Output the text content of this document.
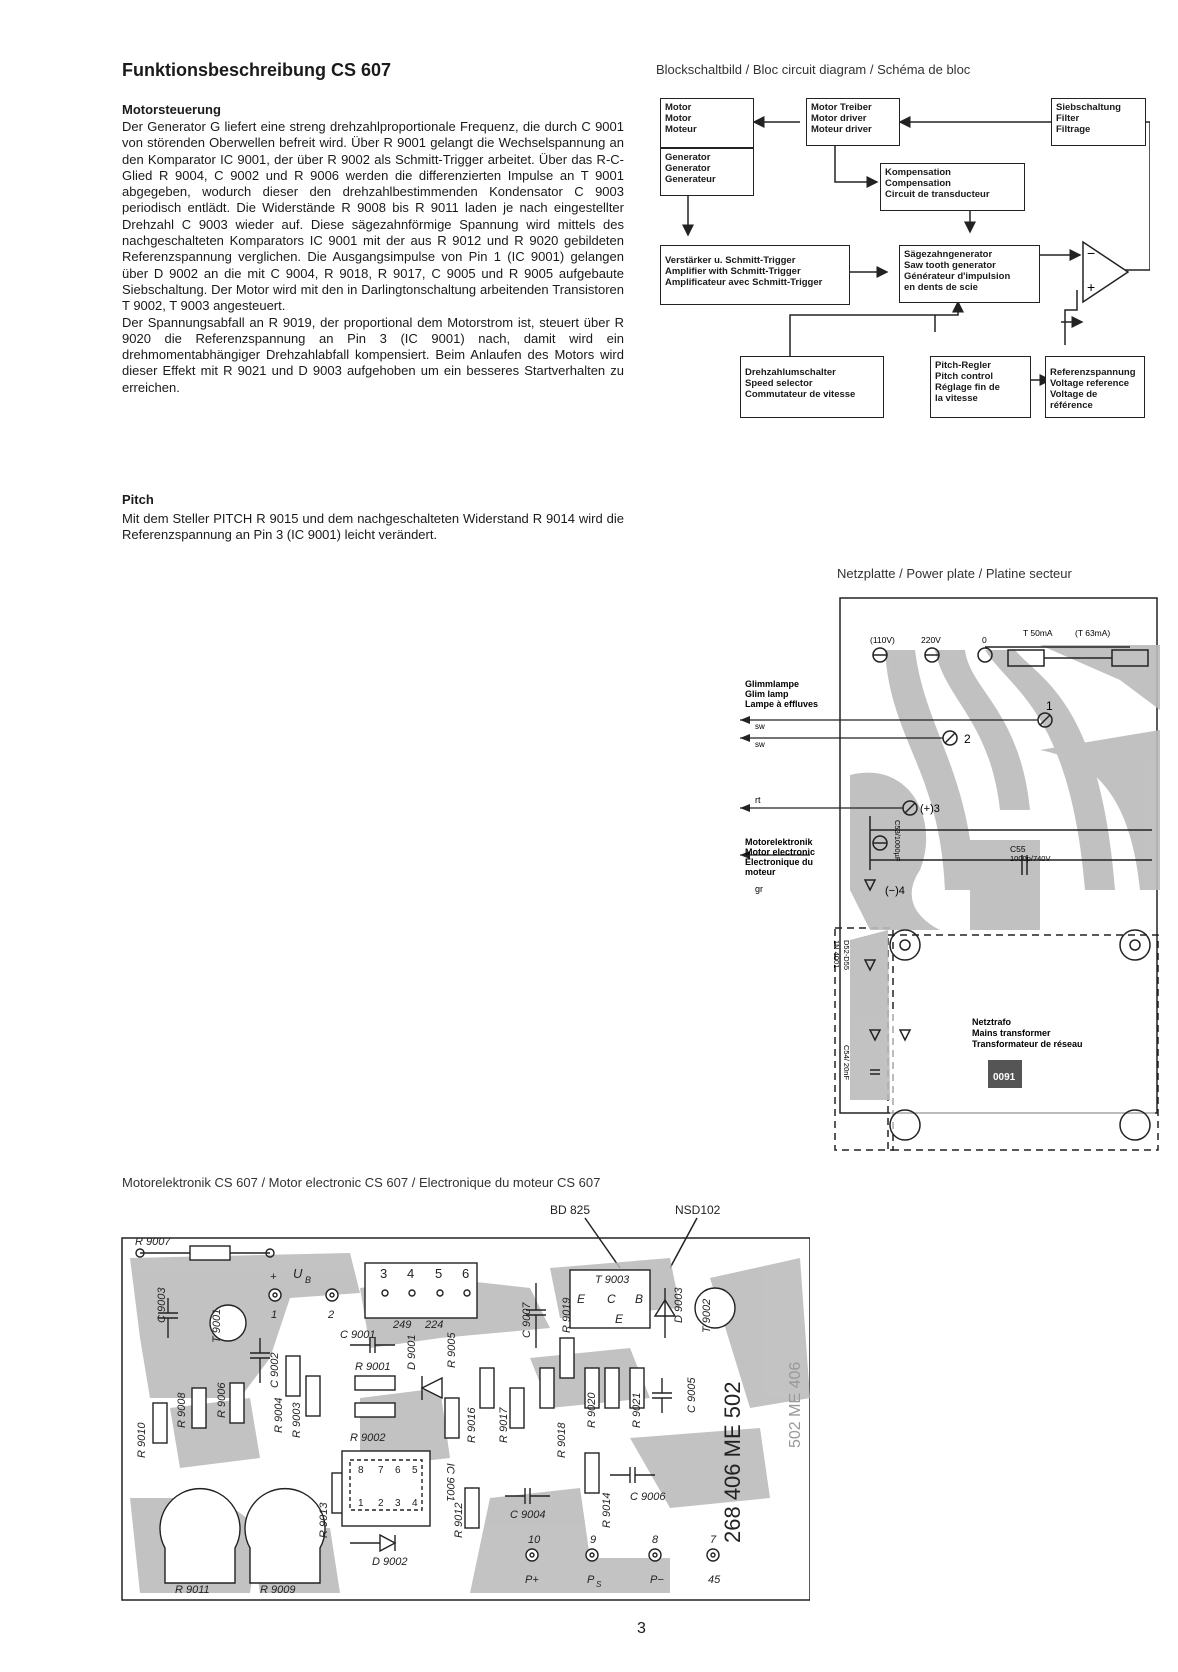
Funktionsbeschreibung CS 607
Motorsteuerung
Der Generator G liefert eine streng drehzahlproportionale Frequenz, die durch C 9001 von störenden Oberwellen befreit wird. Über R 9001 gelangt die Wechselspannung an den Komparator IC 9001, der über R 9002 als Schmitt-Trigger arbeitet. Über das R-C-Glied R 9004, C 9002 und R 9006 werden die differenzierten Impulse an T 9001 abgegeben, wodurch dieser den drehzahlbestimmenden Kondensator C 9003 periodisch entlädt. Die Widerstände R 9008 bis R 9011 laden je nach eingestellter Drehzahl C 9003 wieder auf. Diese sägezahnförmige Spannung wird mittels des nachgeschalteten Komparators IC 9001 mit der aus R 9012 und R 9020 gebildeten Referenzspannung verglichen. Die Ausgangsimpulse von Pin 1 (IC 9001) gelangen über D 9002 an die mit C 9004, R 9018, R 9017, C 9005 und R 9005 aufgebaute Siebschaltung. Der Motor wird mit den in Darlingtonschaltung arbeitenden Transistoren T 9002, T 9003 angesteuert.
Der Spannungsabfall an R 9019, der proportional dem Motorstrom ist, steuert über R 9020 die Referenzspannung an Pin 3 (IC 9001) nach, damit wird ein drehmomentabhängiger Drehzahlabfall kompensiert. Beim Anlaufen des Motors wird dieser Effekt mit R 9021 und D 9003 aufgehoben um ein besseres Startverhalten zu erreichen.
Pitch
Mit dem Steller PITCH R 9015 und dem nachgeschalteten Widerstand R 9014 wird die Referenzspannung an Pin 3 (IC 9001) leicht verändert.
Blockschaltbild / Bloc circuit diagram / Schéma de bloc
−
+
Motor
Motor
Moteur
Generator
Generator
Generateur
Motor Treiber
Motor driver
Moteur driver
Siebschaltung
Filter
Filtrage
Kompensation
Compensation
Circuit de transducteur
Verstärker u. Schmitt-Trigger
Amplifier with Schmitt-Trigger
Amplificateur avec Schmitt-Trigger
Sägezahngenerator
Saw tooth generator
Générateur d'impulsion
en dents de scie
Drehzahlumschalter
Speed selector
Commutateur de vitesse
Pitch-Regler
Pitch control
Réglage fin de
la vitesse
Referenzspannung
Voltage reference
Voltage de référence
Netzplatte / Power plate / Platine secteur
0091
(110V)	220V	0
T 50mA	(T 63mA)
Glimmlampe
Glim lamp
Lampe à effluves
sw
sw
1
2
rt
(+)3
Motorelektronik
Motor electronic
Electronique du
moteur
gr	(−)4
C53/1000µF	C55
1000p/740V
D52-D55
1N 4001
C54/ 20nF
Netztrafo
Mains transformer
Transformateur de réseau
Motorelektronik CS 607 / Motor electronic CS 607 / Electronique du moteur CS 607
BD 825	NSD102
R 9007
C 9003
T 9001
+ U B
1	2
3 4 5 6
C 9007
T 9003
E C B
E	D 9003 T 9002
C 9002
C 9001
249 224
R 9001 D 9001	R 9005
R 9019
R 9010
R 9008	R 9006	R 9004 R 9003	R 9002	R 9016 R 9017	R 9018
R 9020	R 9021	C 9005
8 7 6 5
1 2 3 4
IC 9001
R 9013	R 9012	C 9004	R 9014 C 9006 268 406 ME 502	502 ME 406
10	9	8	7
P+	P S	P−	45
D 9002
R 9011	R 9009
3
